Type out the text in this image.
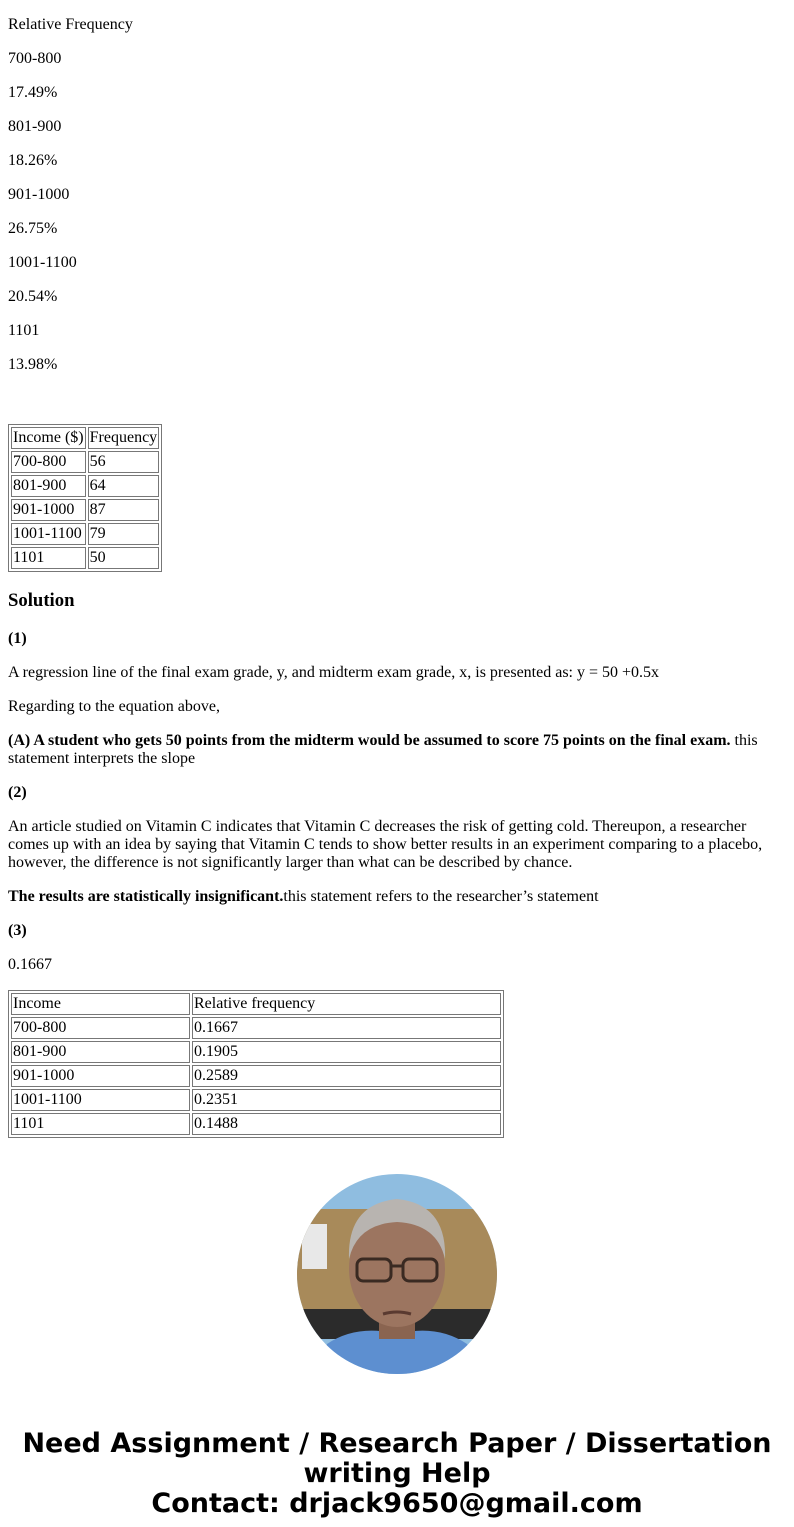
Relative Frequency

700-800

17.49%

801-900

18.26%

901-1000

26.75%

1001-1100

20.54%

1101

13.98%

Income ($)	Frequency
700-800	56
801-900	64
901-1000	87
1001-1100	79
1101	50
Solution

(1)

A regression line of the final exam grade, y, and midterm exam grade, x, is presented as: y = 50 +0.5x

Regarding to the equation above,

(A) A student who gets 50 points from the midterm would be assumed to score 75 points on the final exam. this statement interprets the slope

(2)

An article studied on Vitamin C indicates that Vitamin C decreases the risk of getting cold. Thereupon, a researcher comes up with an idea by saying that Vitamin C tends to show better results in an experiment comparing to a placebo, however, the difference is not significantly larger than what can be described by chance.

The results are statistically insignificant.this statement refers to the researcher’s statement

(3)

0.1667

Income	Relative frequency
700-800	0.1667
801-900	0.1905
901-1000	0.2589
1001-1100	0.2351
1101	0.1488
Need Assignment / Research Paper / Dissertation writing Help
Contact: drjack9650@gmail.com
